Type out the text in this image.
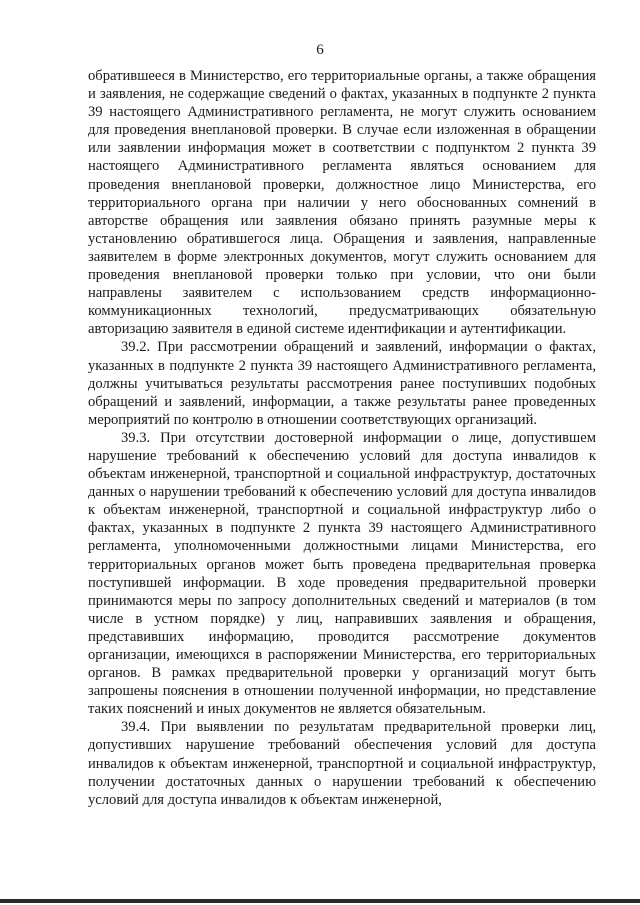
6

обратившееся в Министерство, его территориальные органы, а также обращения и заявления, не содержащие сведений о фактах, указанных в подпункте 2 пункта 39 настоящего Административного регламента, не могут служить основанием для проведения внеплановой проверки. В случае если изложенная в обращении или заявлении информация может в соответствии с подпунктом 2 пункта 39 настоящего Административного регламента являться основанием для проведения внеплановой проверки, должностное лицо Министерства, его территориального органа при наличии у него обоснованных сомнений в авторстве обращения или заявления обязано принять разумные меры к установлению обратившегося лица. Обращения и заявления, направленные заявителем в форме электронных документов, могут служить основанием для проведения внеплановой проверки только при условии, что они были направлены заявителем с использованием средств информационно-коммуникационных технологий, предусматривающих обязательную авторизацию заявителя в единой системе идентификации и аутентификации.

39.2. При рассмотрении обращений и заявлений, информации о фактах, указанных в подпункте 2 пункта 39 настоящего Административного регламента, должны учитываться результаты рассмотрения ранее поступивших подобных обращений и заявлений, информации, а также результаты ранее проведенных мероприятий по контролю в отношении соответствующих организаций.

39.3. При отсутствии достоверной информации о лице, допустившем нарушение требований к обеспечению условий для доступа инвалидов к объектам инженерной, транспортной и социальной инфраструктур, достаточных данных о нарушении требований к обеспечению условий для доступа инвалидов к объектам инженерной, транспортной и социальной инфраструктур либо о фактах, указанных в подпункте 2 пункта 39 настоящего Административного регламента, уполномоченными должностными лицами Министерства, его территориальных органов может быть проведена предварительная проверка поступившей информации. В ходе проведения предварительной проверки принимаются меры по запросу дополнительных сведений и материалов (в том числе в устном порядке) у лиц, направивших заявления и обращения, представивших информацию, проводится рассмотрение документов организации, имеющихся в распоряжении Министерства, его территориальных органов. В рамках предварительной проверки у организаций могут быть запрошены пояснения в отношении полученной информации, но представление таких пояснений и иных документов не является обязательным.

39.4. При выявлении по результатам предварительной проверки лиц, допустивших нарушение требований обеспечения условий для доступа инвалидов к объектам инженерной, транспортной и социальной инфраструктур, получении достаточных данных о нарушении требований к обеспечению условий для доступа инвалидов к объектам инженерной,
